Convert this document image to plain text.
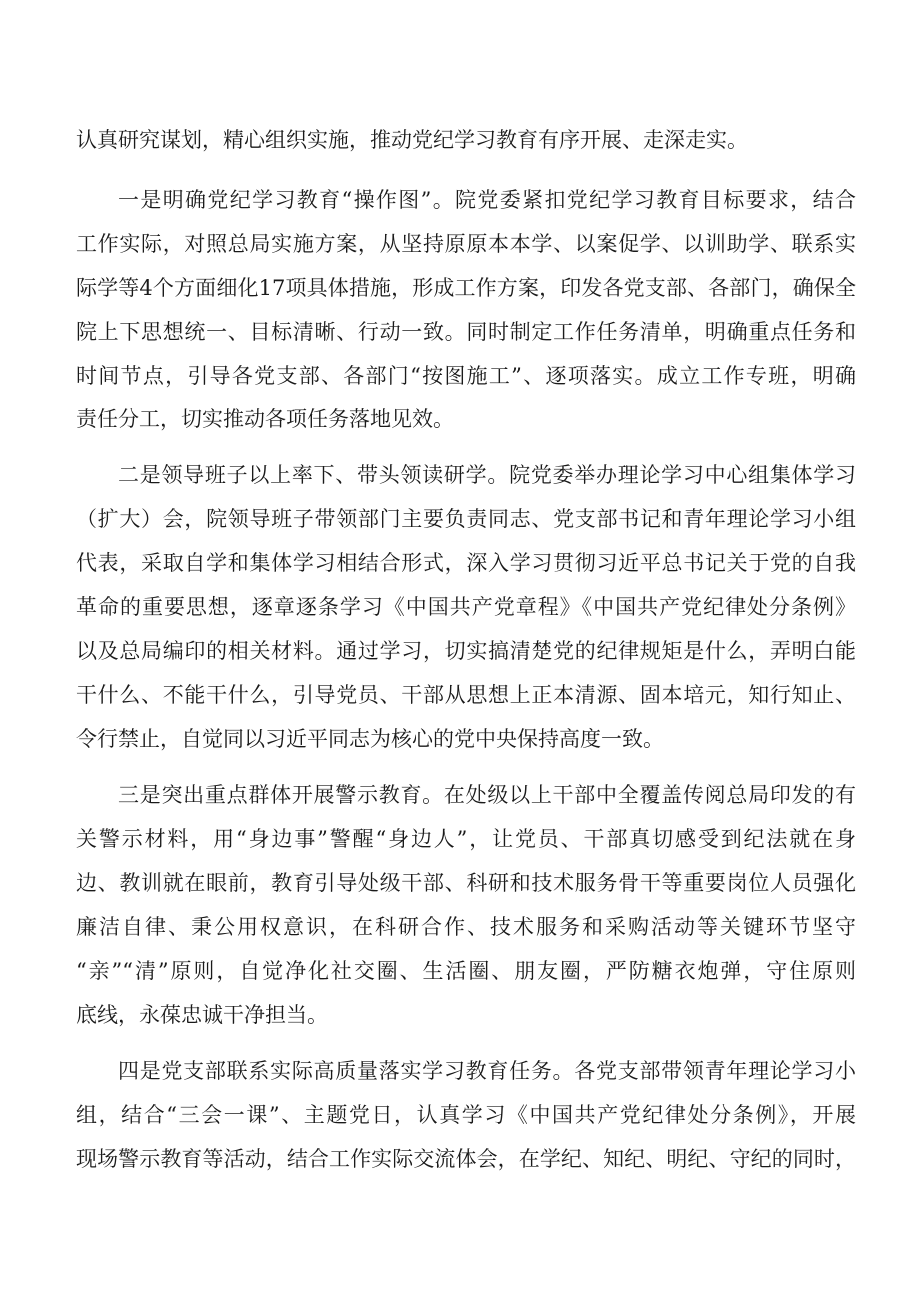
认真研究谋划，精心组织实施，推动党纪学习教育有序开展、走深走实。
一是明确党纪学习教育“操作图”。院党委紧扣党纪学习教育目标要求，结合
工作实际，对照总局实施方案，从坚持原原本本学、以案促学、以训助学、联系实
际学等4个方面细化17项具体措施，形成工作方案，印发各党支部、各部门，确保全
院上下思想统一、目标清晰、行动一致。同时制定工作任务清单，明确重点任务和
时间节点，引导各党支部、各部门“按图施工”、逐项落实。成立工作专班，明确
责任分工，切实推动各项任务落地见效。
二是领导班子以上率下、带头领读研学。院党委举办理论学习中心组集体学习
（扩大）会，院领导班子带领部门主要负责同志、党支部书记和青年理论学习小组
代表，采取自学和集体学习相结合形式，深入学习贯彻习近平总书记关于党的自我
革命的重要思想，逐章逐条学习《中国共产党章程》《中国共产党纪律处分条例》
以及总局编印的相关材料。通过学习，切实搞清楚党的纪律规矩是什么，弄明白能
干什么、不能干什么，引导党员、干部从思想上正本清源、固本培元，知行知止、
令行禁止，自觉同以习近平同志为核心的党中央保持高度一致。
三是突出重点群体开展警示教育。在处级以上干部中全覆盖传阅总局印发的有
关警示材料，用“身边事”警醒“身边人”，让党员、干部真切感受到纪法就在身
边、教训就在眼前，教育引导处级干部、科研和技术服务骨干等重要岗位人员强化
廉洁自律、秉公用权意识，在科研合作、技术服务和采购活动等关键环节坚守
“亲”“清”原则，自觉净化社交圈、生活圈、朋友圈，严防糖衣炮弹，守住原则
底线，永葆忠诚干净担当。
四是党支部联系实际高质量落实学习教育任务。各党支部带领青年理论学习小
组，结合“三会一课”、主题党日，认真学习《中国共产党纪律处分条例》，开展
现场警示教育等活动，结合工作实际交流体会，在学纪、知纪、明纪、守纪的同时，
